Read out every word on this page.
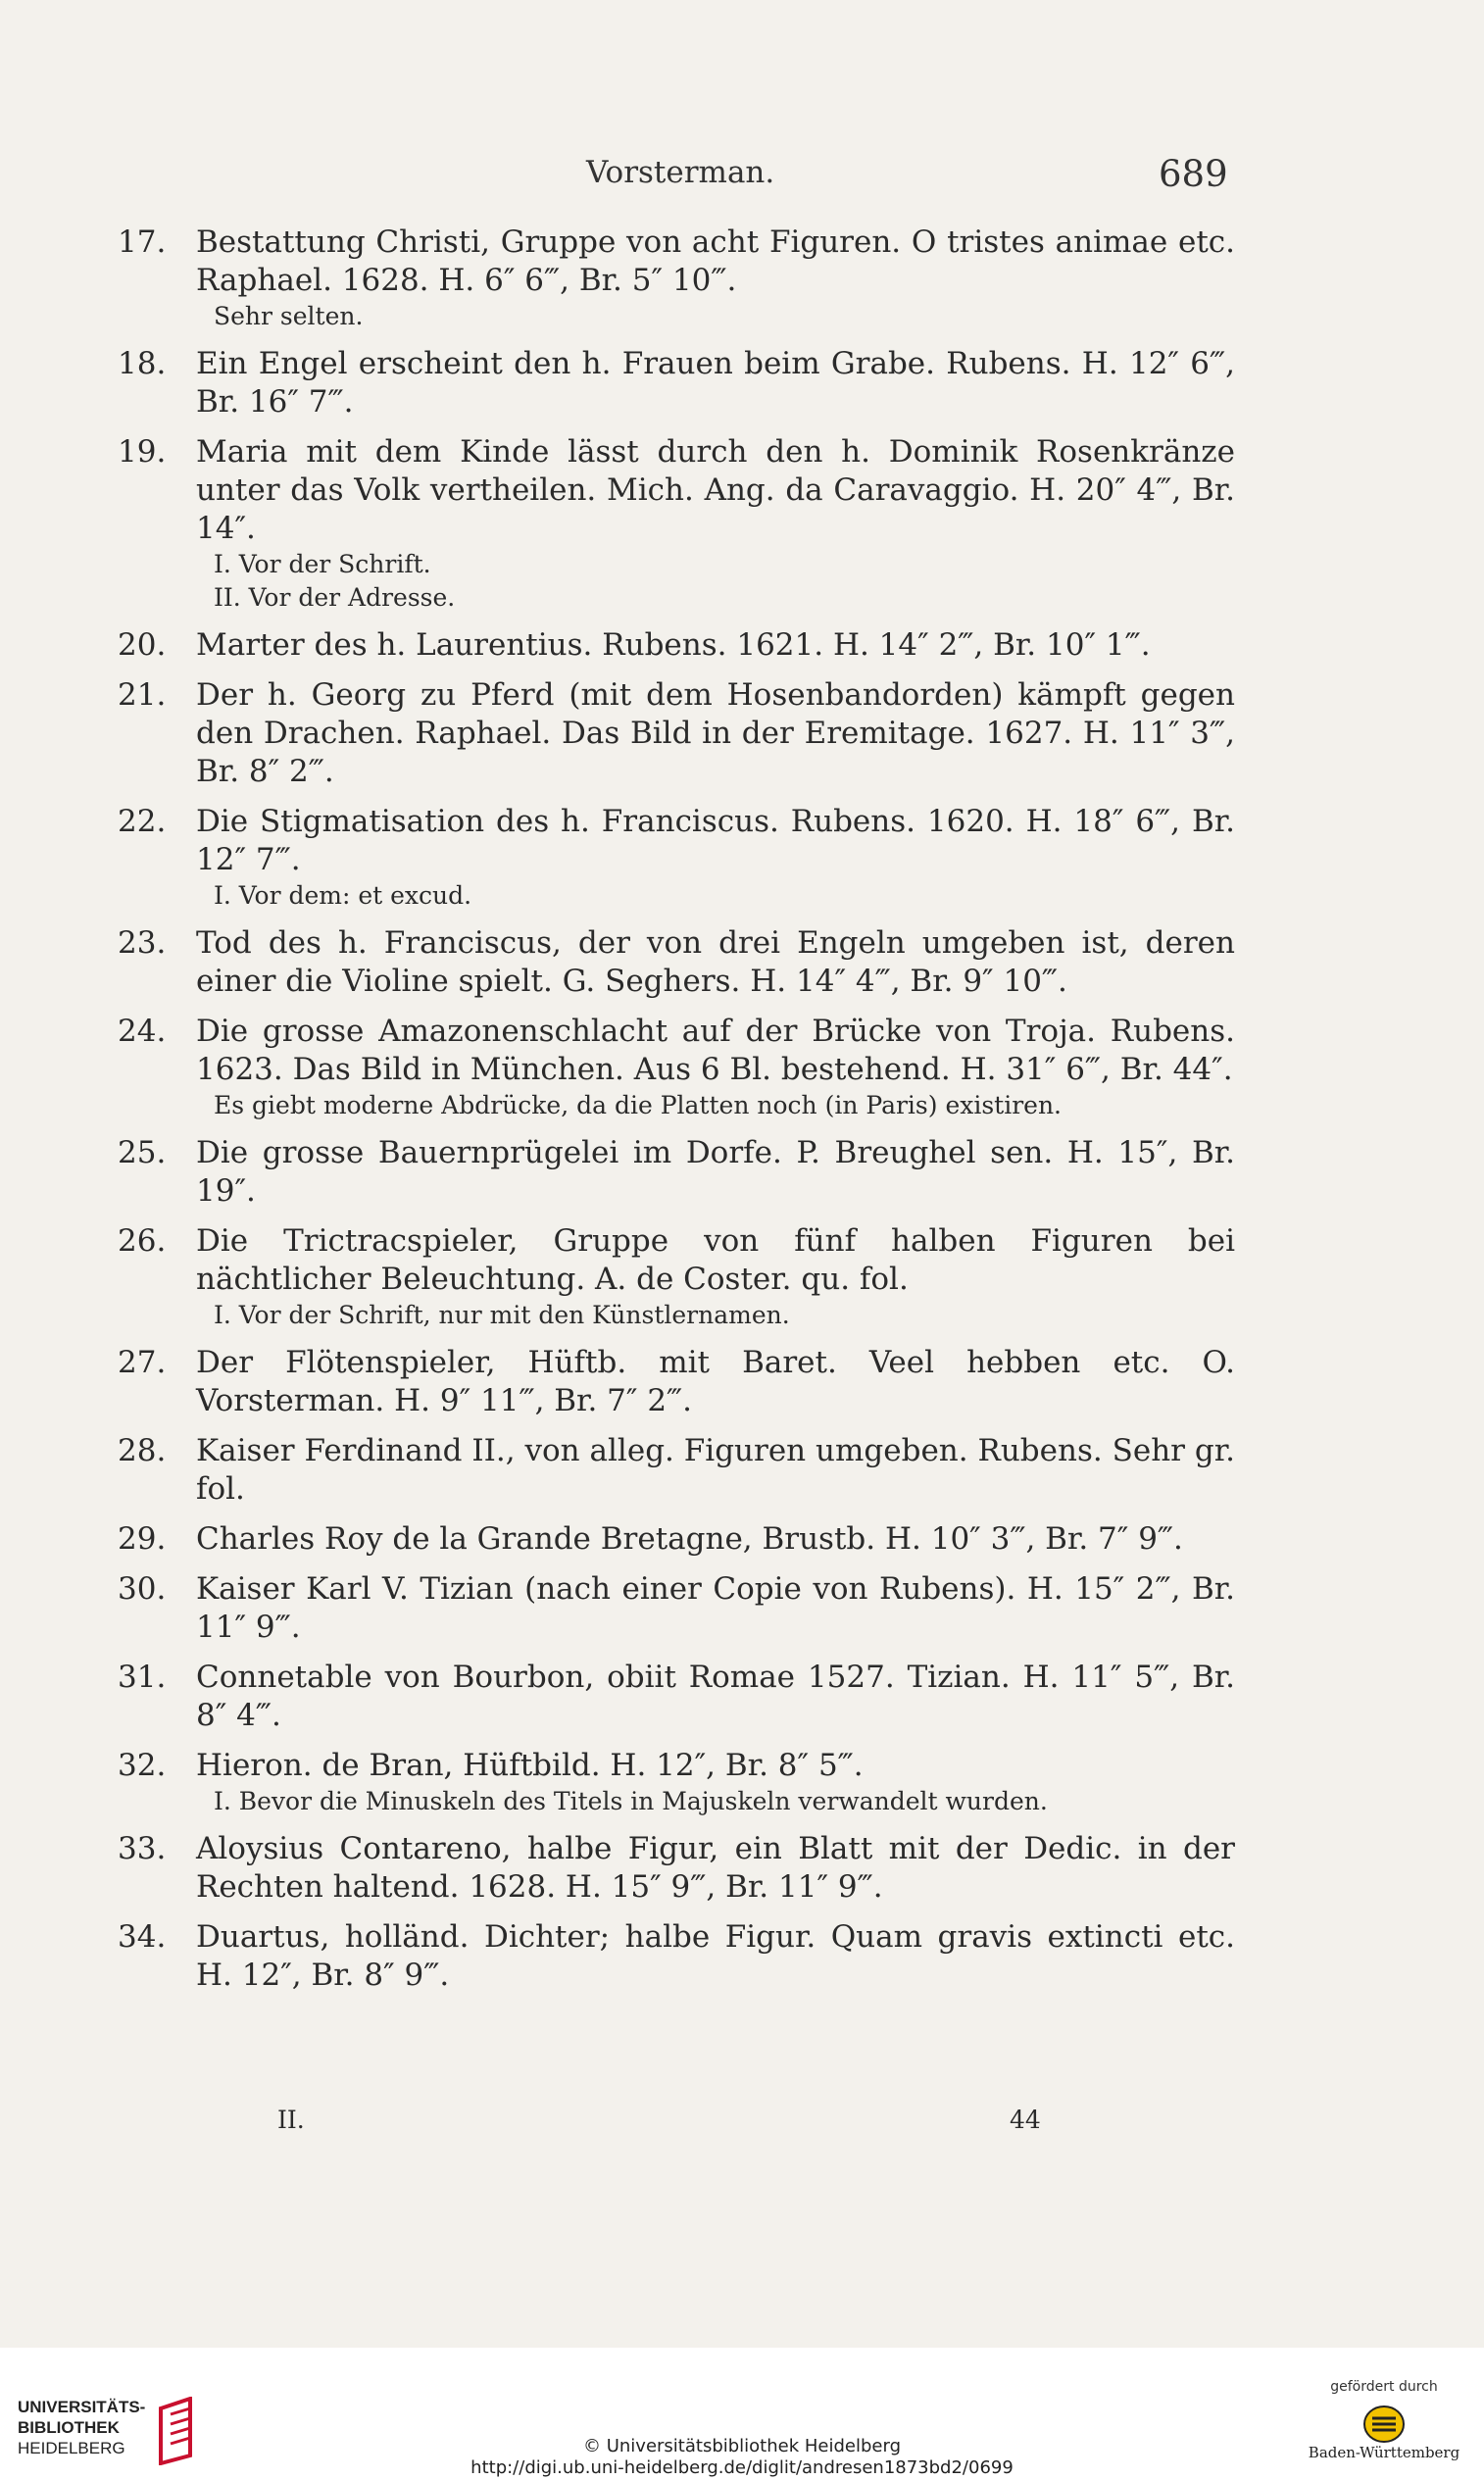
Vorsterman.	689
17. Bestattung Christi, Gruppe von acht Figuren. O tristes animae etc. Raphael. 1628. H. 6″ 6‴, Br. 5″ 10‴.
Sehr selten.
18. Ein Engel erscheint den h. Frauen beim Grabe. Rubens. H. 12″ 6‴, Br. 16″ 7‴.
19. Maria mit dem Kinde lässt durch den h. Dominik Rosenkränze unter das Volk vertheilen. Mich. Ang. da Caravaggio. H. 20″ 4‴, Br. 14″.
I. Vor der Schrift.
II. Vor der Adresse.
20. Marter des h. Laurentius. Rubens. 1621. H. 14″ 2‴, Br. 10″ 1‴.
21. Der h. Georg zu Pferd (mit dem Hosenbandorden) kämpft gegen den Drachen. Raphael. Das Bild in der Eremitage. 1627. H. 11″ 3‴, Br. 8″ 2‴.
22. Die Stigmatisation des h. Franciscus. Rubens. 1620. H. 18″ 6‴, Br. 12″ 7‴.
I. Vor dem: et excud.
23. Tod des h. Franciscus, der von drei Engeln umgeben ist, deren einer die Violine spielt. G. Seghers. H. 14″ 4‴, Br. 9″ 10‴.
24. Die grosse Amazonenschlacht auf der Brücke von Troja. Rubens. 1623. Das Bild in München. Aus 6 Bl. bestehend. H. 31″ 6‴, Br. 44″.
Es giebt moderne Abdrücke, da die Platten noch (in Paris) existiren.
25. Die grosse Bauernprügelei im Dorfe. P. Breughel sen. H. 15″, Br. 19″.
26. Die Trictracspieler, Gruppe von fünf halben Figuren bei nächtlicher Beleuchtung. A. de Coster. qu. fol.
I. Vor der Schrift, nur mit den Künstlernamen.
27. Der Flötenspieler, Hüftb. mit Baret. Veel hebben etc. O. Vorsterman. H. 9″ 11‴, Br. 7″ 2‴.
28. Kaiser Ferdinand II., von alleg. Figuren umgeben. Rubens. Sehr gr. fol.
29. Charles Roy de la Grande Bretagne, Brustb. H. 10″ 3‴, Br. 7″ 9‴.
30. Kaiser Karl V. Tizian (nach einer Copie von Rubens). H. 15″ 2‴, Br. 11″ 9‴.
31. Connetable von Bourbon, obiit Romae 1527. Tizian. H. 11″ 5‴, Br. 8″ 4‴.
32. Hieron. de Bran, Hüftbild. H. 12″, Br. 8″ 5‴.
I. Bevor die Minuskeln des Titels in Majuskeln verwandelt wurden.
33. Aloysius Contareno, halbe Figur, ein Blatt mit der Dedic. in der Rechten haltend. 1628. H. 15″ 9‴, Br. 11″ 9‴.
34. Duartus, holländ. Dichter; halbe Figur. Quam gravis extincti etc. H. 12″, Br. 8″ 9‴.
II.	44
UNIVERSITÄTS-
BIBLIOTHEK
HEIDELBERG	© Universitätsbibliothek Heidelberg
http://digi.ub.uni-heidelberg.de/diglit/andresen1873bd2/0699
gefördert durch
Baden-Württemberg
